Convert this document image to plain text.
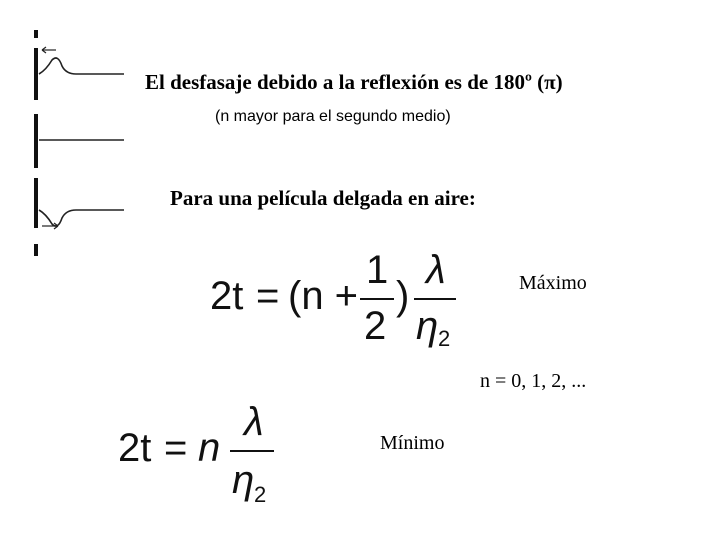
El desfasaje debido a la reflexión es de 180º (π)
(n mayor para el segundo medio)
Para una película delgada en aire:
2t = (n +
1
2
)
λ
η 2
Máximo
n = 0, 1, 2, ...
2t = n
λ
η 2
Mínimo
